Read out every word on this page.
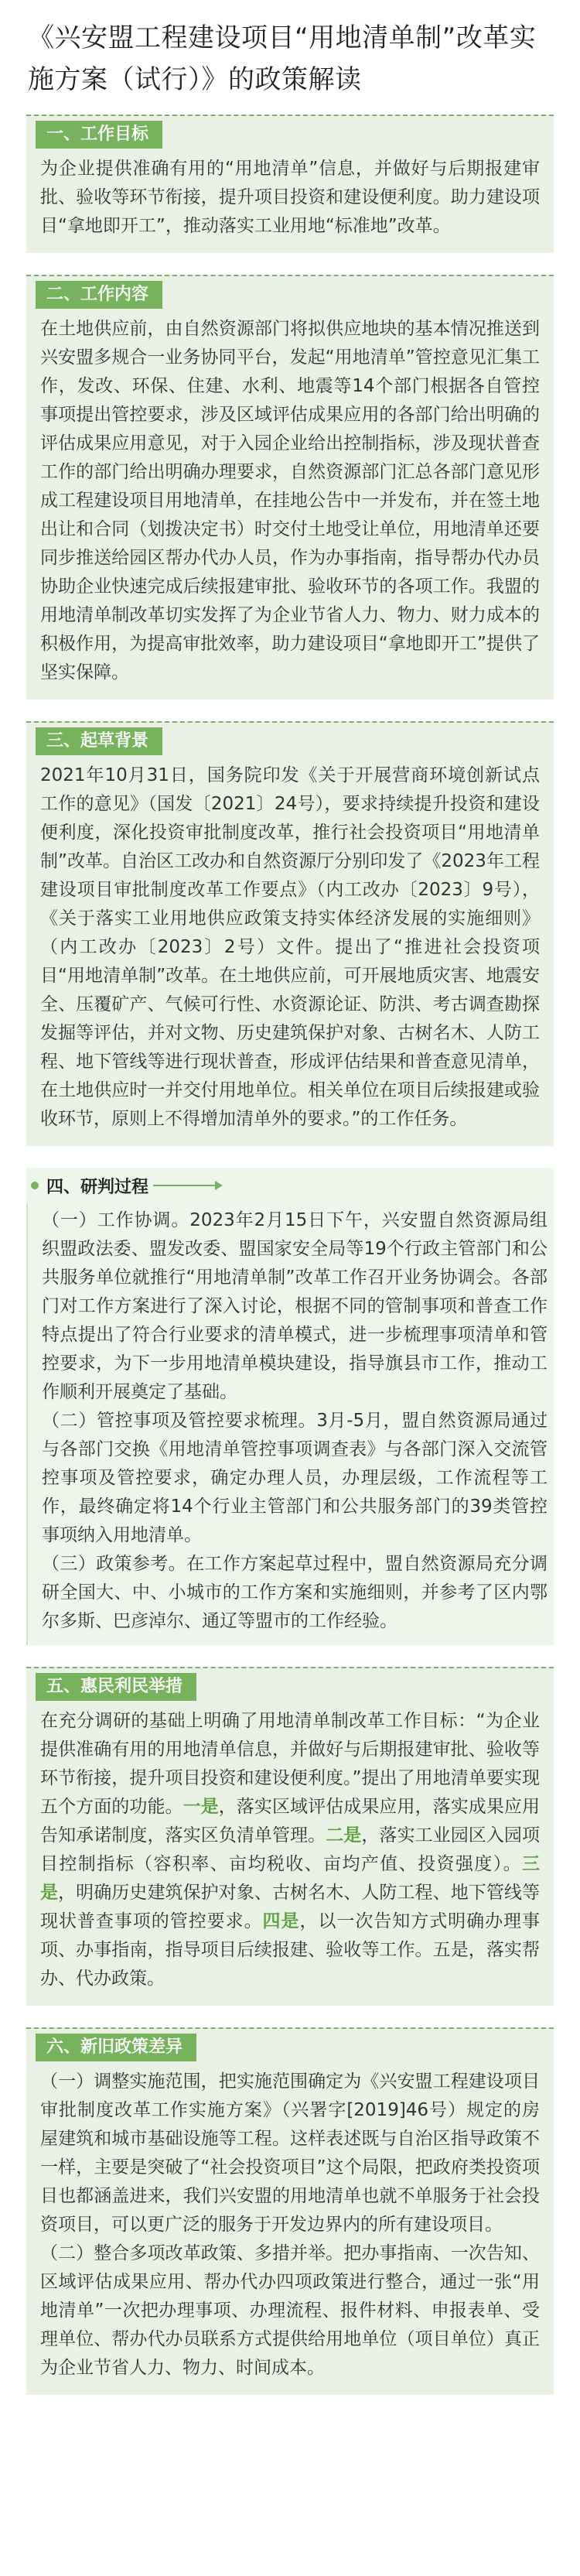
《兴安盟工程建设项目“用地清单制”改革实施方案（试行）》的政策解读
一、工作目标

为企业提供准确有用的“用地清单”信息，并做好与后期报建审批、验收等环节衔接，提升项目投资和建设便利度。助力建设项目“拿地即开工”，推动落实工业用地“标准地”改革。

二、工作内容

在土地供应前，由自然资源部门将拟供应地块的基本情况推送到兴安盟多规合一业务协同平台，发起“用地清单”管控意见汇集工作，发改、环保、住建、水利、地震等14个部门根据各自管控事项提出管控要求，涉及区域评估成果应用的各部门给出明确的评估成果应用意见，对于入园企业给出控制指标，涉及现状普查工作的部门给出明确办理要求，自然资源部门汇总各部门意见形成工程建设项目用地清单，在挂地公告中一并发布，并在签土地出让和合同（划拨决定书）时交付土地受让单位，用地清单还要同步推送给园区帮办代办人员，作为办事指南，指导帮办代办员协助企业快速完成后续报建审批、验收环节的各项工作。我盟的用地清单制改革切实发挥了为企业节省人力、物力、财力成本的积极作用，为提高审批效率，助力建设项目“拿地即开工”提供了坚实保障。

三、起草背景

2021年10月31日，国务院印发《关于开展营商环境创新试点工作的意见》（国发〔2021〕24号），要求持续提升投资和建设便利度，深化投资审批制度改革，推行社会投资项目“用地清单制”改革。自治区工改办和自然资源厅分别印发了《2023年工程建设项目审批制度改革工作要点》（内工改办〔2023〕9号），《关于落实工业用地供应政策支持实体经济发展的实施细则》（内工改办〔2023〕2号）文件。提出了“推进社会投资项目“用地清单制”改革。在土地供应前，可开展地质灾害、地震安全、压覆矿产、气候可行性、水资源论证、防洪、考古调查勘探发掘等评估，并对文物、历史建筑保护对象、古树名木、人防工程、地下管线等进行现状普查，形成评估结果和普查意见清单，在土地供应时一并交付用地单位。相关单位在项目后续报建或验收环节，原则上不得增加清单外的要求。”的工作任务。

四、研判过程

（一）工作协调。2023年2月15日下午，兴安盟自然资源局组织盟政法委、盟发改委、盟国家安全局等19个行政主管部门和公共服务单位就推行“用地清单制”改革工作召开业务协调会。各部门对工作方案进行了深入讨论，根据不同的管制事项和普查工作特点提出了符合行业要求的清单模式，进一步梳理事项清单和管控要求，为下一步用地清单模块建设，指导旗县市工作，推动工作顺利开展奠定了基础。

（二）管控事项及管控要求梳理。3月-5月，盟自然资源局通过与各部门交换《用地清单管控事项调查表》与各部门深入交流管控事项及管控要求，确定办理人员，办理层级，工作流程等工作，最终确定将14个行业主管部门和公共服务部门的39类管控事项纳入用地清单。

（三）政策参考。在工作方案起草过程中，盟自然资源局充分调研全国大、中、小城市的工作方案和实施细则，并参考了区内鄂尔多斯、巴彦淖尔、通辽等盟市的工作经验。

五、惠民利民举措

在充分调研的基础上明确了用地清单制改革工作目标：“为企业提供准确有用的用地清单信息，并做好与后期报建审批、验收等环节衔接，提升项目投资和建设便利度。”提出了用地清单要实现五个方面的功能。一是，落实区域评估成果应用，落实成果应用告知承诺制度，落实区负清单管理。二是，落实工业园区入园项目控制指标（容积率、亩均税收、亩均产值、投资强度）。三是，明确历史建筑保护对象、古树名木、人防工程、地下管线等现状普查事项的管控要求。四是，以一次告知方式明确办理事项、办事指南，指导项目后续报建、验收等工作。五是，落实帮办、代办政策。

六、新旧政策差异

（一）调整实施范围，把实施范围确定为《兴安盟工程建设项目审批制度改革工作实施方案》（兴署字[2019]46号）规定的房屋建筑和城市基础设施等工程。这样表述既与自治区指导政策不一样，主要是突破了“社会投资项目”这个局限，把政府类投资项目也都涵盖进来，我们兴安盟的用地清单也就不单服务于社会投资项目，可以更广泛的服务于开发边界内的所有建设项目。

（二）整合多项改革政策、多措并举。把办事指南、一次告知、区域评估成果应用、帮办代办四项政策进行整合，通过一张“用地清单”一次把办理事项、办理流程、报件材料、申报表单、受理单位、帮办代办员联系方式提供给用地单位（项目单位）真正为企业节省人力、物力、时间成本。
